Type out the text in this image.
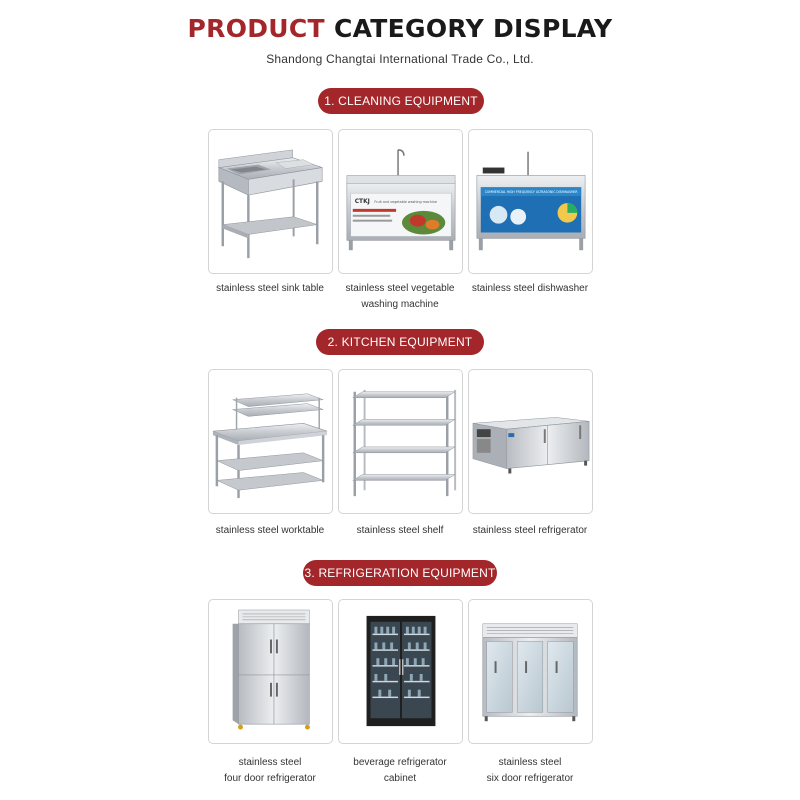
PRODUCT CATEGORY DISPLAY
Shandong Changtai International Trade Co., Ltd.
1. CLEANING EQUIPMENT
stainless steel sink table
CTKJ Fruit and vegetable washing machine
stainless steel vegetable
washing machine
COMMERCIAL HIGH FREQUENCY ULTRASONIC DISHWASHER
stainless steel dishwasher
2. KITCHEN EQUIPMENT
stainless steel worktable	stainless steel shelf	stainless steel refrigerator
3. REFRIGERATION EQUIPMENT
stainless steel
four door refrigerator
beverage refrigerator
cabinet
stainless steel
six door refrigerator
